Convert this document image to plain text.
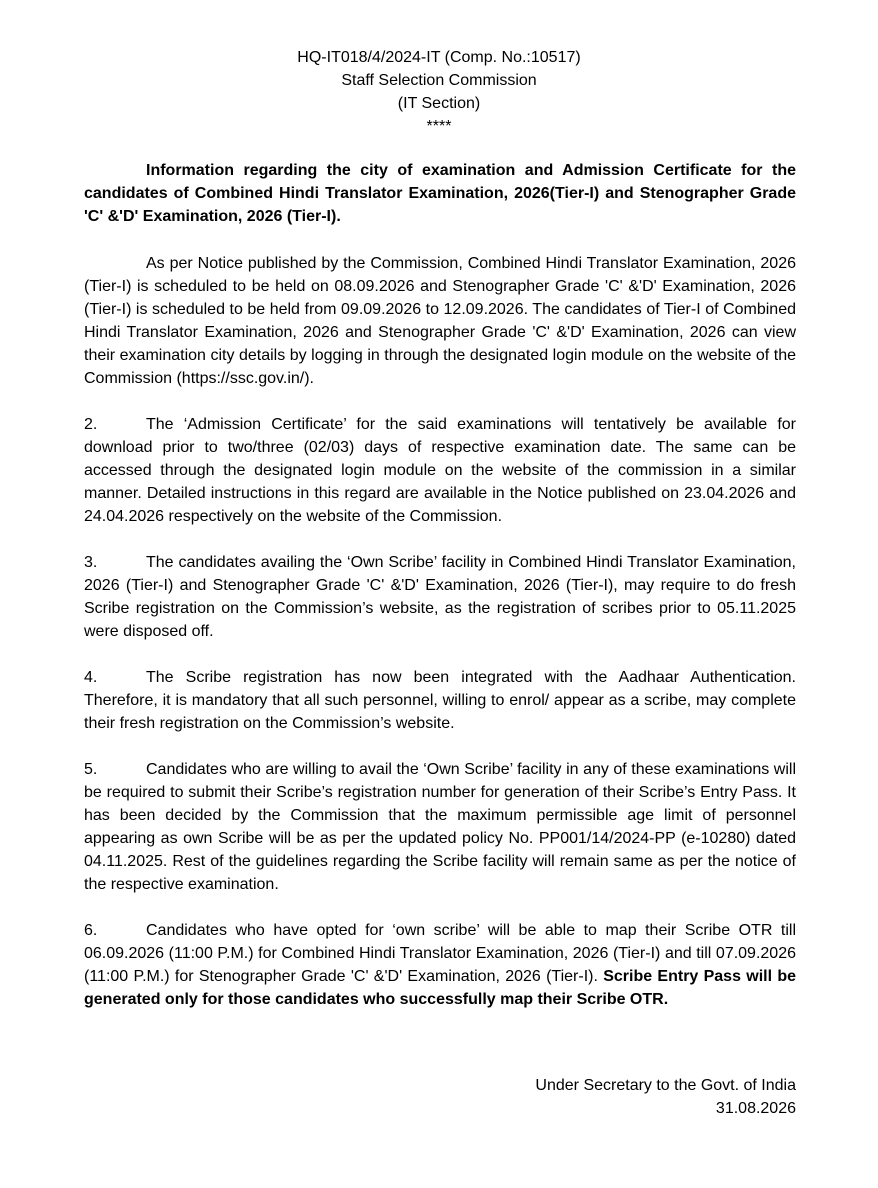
HQ-IT018/4/2024-IT (Comp. No.:10517)
Staff Selection Commission
(IT Section)
****

Information regarding the city of examination and Admission Certificate for the candidates of Combined Hindi Translator Examination, 2026(Tier-I) and Stenographer Grade 'C' &'D' Examination, 2026 (Tier-I).

As per Notice published by the Commission, Combined Hindi Translator Examination, 2026 (Tier-I) is scheduled to be held on 08.09.2026 and Stenographer Grade 'C' &'D' Examination, 2026 (Tier-I) is scheduled to be held from 09.09.2026 to 12.09.2026. The candidates of Tier-I of Combined Hindi Translator Examination, 2026 and Stenographer Grade 'C' &'D' Examination, 2026 can view their examination city details by logging in through the designated login module on the website of the Commission (https://ssc.gov.in/).

2.	The ‘Admission Certificate’ for the said examinations will tentatively be available for download prior to two/three (02/03) days of respective examination date. The same can be accessed through the designated login module on the website of the commission in a similar manner. Detailed instructions in this regard are available in the Notice published on 23.04.2026 and 24.04.2026 respectively on the website of the Commission.

3.	The candidates availing the ‘Own Scribe’ facility in Combined Hindi Translator Examination, 2026 (Tier-I) and Stenographer Grade 'C' &'D' Examination, 2026 (Tier-I), may require to do fresh Scribe registration on the Commission’s website, as the registration of scribes prior to 05.11.2025 were disposed off.

4.	The Scribe registration has now been integrated with the Aadhaar Authentication. Therefore, it is mandatory that all such personnel, willing to enrol/ appear as a scribe, may complete their fresh registration on the Commission’s website.

5.	Candidates who are willing to avail the ‘Own Scribe’ facility in any of these examinations will be required to submit their Scribe’s registration number for generation of their Scribe’s Entry Pass. It has been decided by the Commission that the maximum permissible age limit of personnel appearing as own Scribe will be as per the updated policy No. PP001/14/2024-PP (e-10280) dated 04.11.2025. Rest of the guidelines regarding the Scribe facility will remain same as per the notice of the respective examination.

6.	Candidates who have opted for ‘own scribe’ will be able to map their Scribe OTR till 06.09.2026 (11:00 P.M.) for Combined Hindi Translator Examination, 2026 (Tier-I) and till 07.09.2026 (11:00 P.M.) for Stenographer Grade 'C' &'D' Examination, 2026 (Tier-I). Scribe Entry Pass will be generated only for those candidates who successfully map their Scribe OTR.

Under Secretary to the Govt. of India
31.08.2026
